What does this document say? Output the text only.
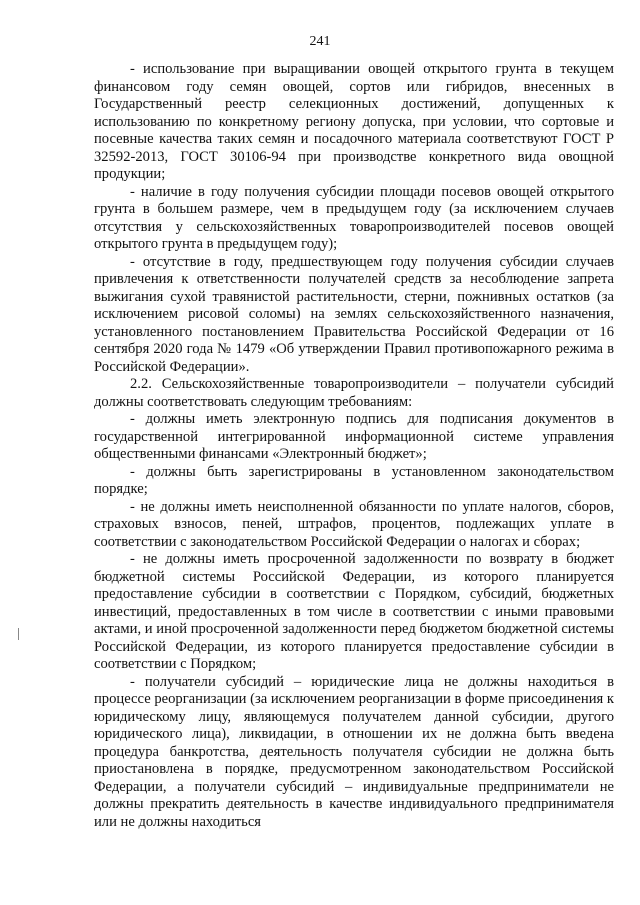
241

- использование при выращивании овощей открытого грунта в текущем финансовом году семян овощей, сортов или гибридов, внесенных в Государственный реестр селекционных достижений, допущенных к использованию по конкретному региону допуска, при условии, что сортовые и посевные качества таких семян и посадочного материала соответствуют ГОСТ Р 32592-2013, ГОСТ 30106-94 при производстве конкретного вида овощной продукции;

- наличие в году получения субсидии площади посевов овощей открытого грунта в большем размере, чем в предыдущем году (за исключением случаев отсутствия у сельскохозяйственных товаропроизводителей посевов овощей открытого грунта в предыдущем году);

- отсутствие в году, предшествующем году получения субсидии случаев привлечения к ответственности получателей средств за несоблюдение запрета выжигания сухой травянистой растительности, стерни, пожнивных остатков (за исключением рисовой соломы) на землях сельскохозяйственного назначения, установленного постановлением Правительства Российской Федерации от 16 сентября 2020 года № 1479 «Об утверждении Правил противопожарного режима в Российской Федерации».

2.2. Сельскохозяйственные товаропроизводители – получатели субсидий должны соответствовать следующим требованиям:

- должны иметь электронную подпись для подписания документов в государственной интегрированной информационной системе управления общественными финансами «Электронный бюджет»;

- должны быть зарегистрированы в установленном законодательством порядке;

- не должны иметь неисполненной обязанности по уплате налогов, сборов, страховых взносов, пеней, штрафов, процентов, подлежащих уплате в соответствии с законодательством Российской Федерации о налогах и сборах;

- не должны иметь просроченной задолженности по возврату в бюджет бюджетной системы Российской Федерации, из которого планируется предоставление субсидии в соответствии с Порядком, субсидий, бюджетных инвестиций, предоставленных в том числе в соответствии с иными правовыми актами, и иной просроченной задолженности перед бюджетом бюджетной системы Российской Федерации, из которого планируется предоставление субсидии в соответствии с Порядком;

- получатели субсидий – юридические лица не должны находиться в процессе реорганизации (за исключением реорганизации в форме присоединения к юридическому лицу, являющемуся получателем данной субсидии, другого юридического лица), ликвидации, в отношении их не должна быть введена процедура банкротства, деятельность получателя субсидии не должна быть приостановлена в порядке, предусмотренном законодательством Российской Федерации, а получатели субсидий – индивидуальные предприниматели не должны прекратить деятельность в качестве индивидуального предпринимателя или не должны находиться
